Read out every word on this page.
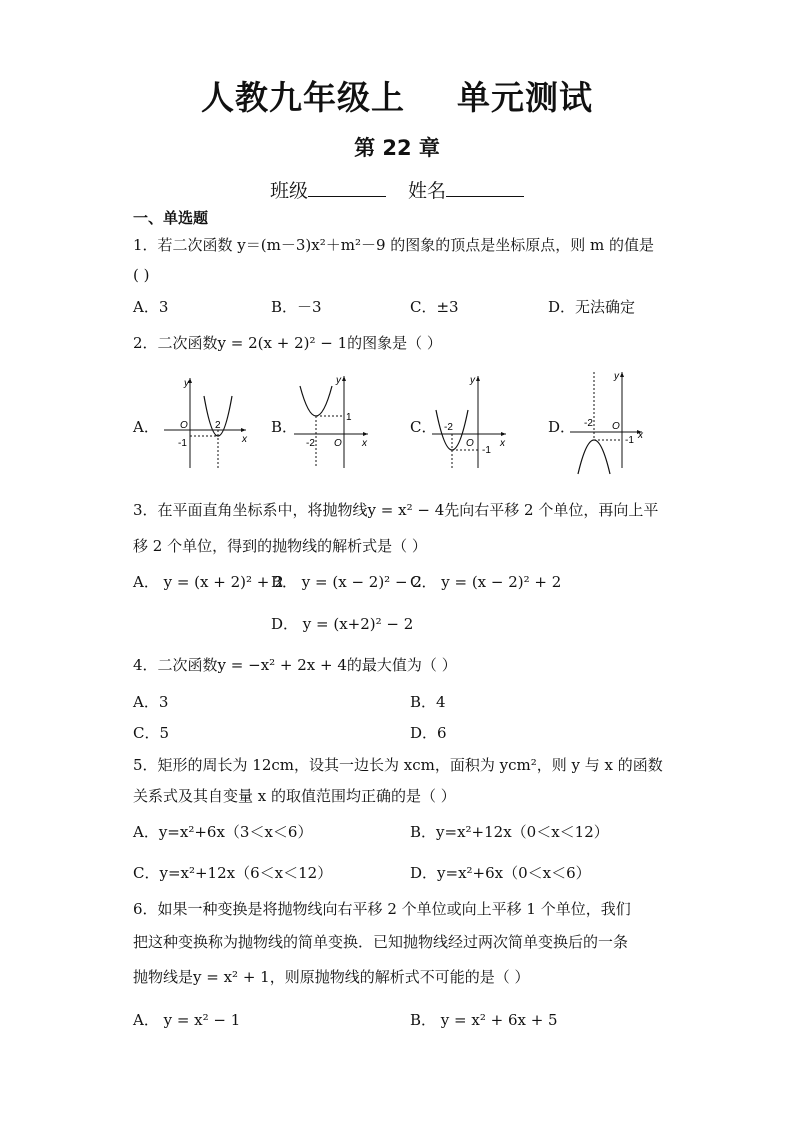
人教九年级上 单元测试
第 22 章
班级	姓名
一、单选题
1．若二次函数 y＝(m－3)x²＋m²－9 的图象的顶点是坐标原点，则 m 的值是
( )
A．3	B．－3	C．±3	D．无法确定
2．二次函数y = 2(x + 2)² − 1的图象是（ ）
A．	B．	C．	D．
y
x
O	2
-1
y
x
O
1
-2
y
x
O
-2
-1
y
x
O
-2
-1
3．在平面直角坐标系中，将抛物线y = x² − 4先向右平移 2 个单位，再向上平
移 2 个单位，得到的抛物线的解析式是（ ）
A． y = (x + 2)² + 2
B． y = (x − 2)² − 2
C． y = (x − 2)² + 2
D． y = (x+2)² − 2
4．二次函数y = −x² + 2x + 4的最大值为（ ）
A．3	B．4
C．5	D．6
5．矩形的周长为 12cm，设其一边长为 xcm，面积为 ycm²，则 y 与 x 的函数
关系式及其自变量 x 的取值范围均正确的是（ ）
A．y=x²+6x（3＜x＜6）	B．y=x²+12x（0＜x＜12）
C．y=x²+12x（6＜x＜12）	D．y=x²+6x（0＜x＜6）
6．如果一种变换是将抛物线向右平移 2 个单位或向上平移 1 个单位，我们
把这种变换称为抛物线的简单变换．已知抛物线经过两次简单变换后的一条
抛物线是y = x² + 1，则原抛物线的解析式不可能的是（ ）
A． y = x² − 1	B． y = x² + 6x + 5
